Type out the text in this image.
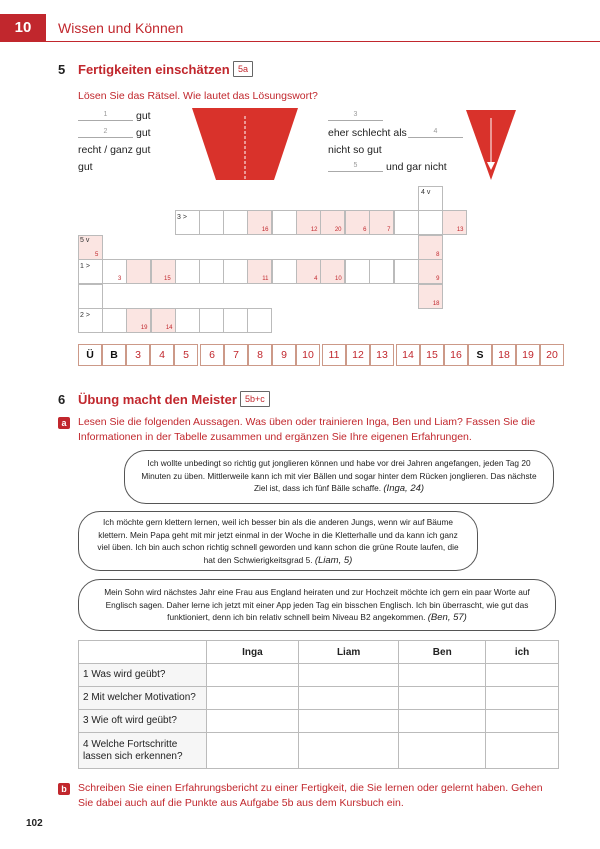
10	Wissen und Können
5 Fertigkeiten einschätzen 5a
Lösen Sie das Rätsel. Wie lautet das Lösungswort?
1	gut
2	gut
recht / ganz gut
gut
3
eher schlecht als	4
nicht so gut
5	und gar nicht
16	12	20	6	7	13
3 >
5
5 v
8
1 >
3	15	11	4	10	9
18
2 >
19	14
4 v
Ü	B	3	4	5	6	7	8	9	10	11	12	13	14	15	16	S	18	19	20
6 Übung macht den Meister 5b+c
a	Lesen Sie die folgenden Aussagen. Was üben oder trainieren Inga, Ben und Liam? Fassen Sie die Informationen in der Tabelle zusammen und ergänzen Sie Ihre eigenen Erfahrungen.
Ich wollte unbedingt so richtig gut jonglieren können und habe vor drei Jahren angefangen, jeden Tag 20 Minuten zu üben. Mittlerweile kann ich mit vier Bällen und sogar hinter dem Rücken jonglieren. Das nächste Ziel ist, dass ich fünf Bälle schaffe. (Inga, 24)
Ich möchte gern klettern lernen, weil ich besser bin als die anderen Jungs, wenn wir auf Bäume klettern. Mein Papa geht mit mir jetzt einmal in der Woche in die Kletterhalle und da kann ich ganz viel üben. Ich bin auch schon richtig schnell geworden und kann schon die grüne Route laufen, die hat den Schwierigkeitsgrad 5. (Liam, 5)
Mein Sohn wird nächstes Jahr eine Frau aus England heiraten und zur Hochzeit möchte ich gern ein paar Worte auf Englisch sagen. Daher lerne ich jetzt mit einer App jeden Tag ein bisschen Englisch. Ich bin überrascht, wie gut das funktioniert, denn ich bin relativ schnell beim Niveau B2 angekommen. (Ben, 57)
	Inga	Liam	Ben	ich
1 Was wird geübt?				
2 Mit welcher Motivation?				
3 Wie oft wird geübt?				
4 Welche Fortschritte lassen sich erkennen?				
b	Schreiben Sie einen Erfahrungsbericht zu einer Fertigkeit, die Sie lernen oder gelernt haben. Gehen Sie dabei auch auf die Punkte aus Aufgabe 5b aus dem Kursbuch ein.
102
